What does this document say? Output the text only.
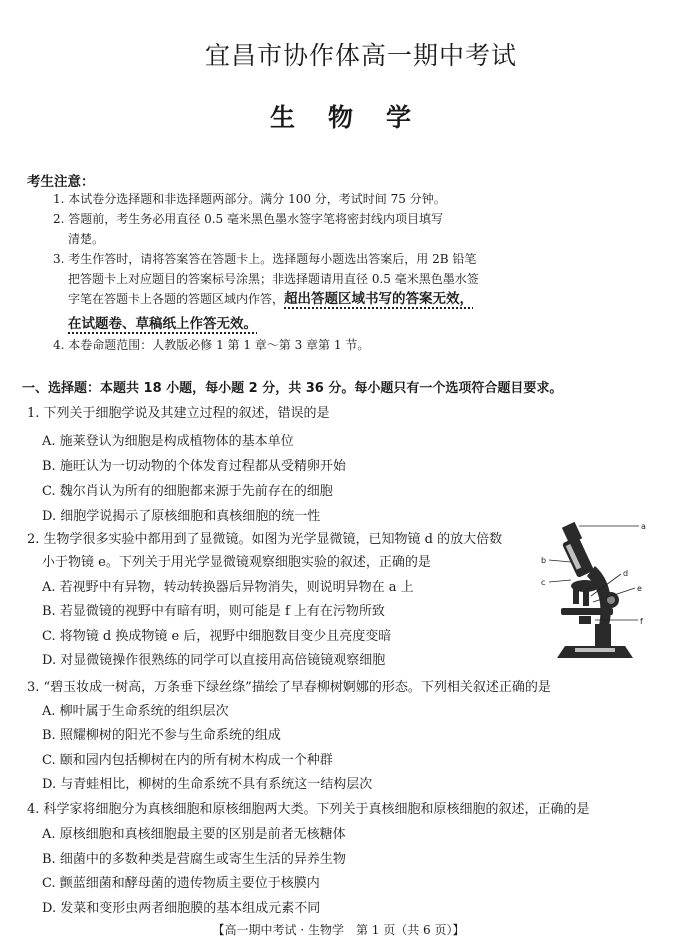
宜昌市协作体高一期中考试
生 物 学
考生注意：
1. 本试卷分选择题和非选择题两部分。满分 100 分，考试时间 75 分钟。
2. 答题前，考生务必用直径 0.5 毫米黑色墨水签字笔将密封线内项目填写
清楚。
3. 考生作答时，请将答案答在答题卡上。选择题每小题选出答案后，用 2B 铅笔
把答题卡上对应题目的答案标号涂黑；非选择题请用直径 0.5 毫米黑色墨水签
字笔在答题卡上各题的答题区域内作答，超出答题区域书写的答案无效，
在试题卷、草稿纸上作答无效。
4. 本卷命题范围：人教版必修 1 第 1 章～第 3 章第 1 节。
一、选择题：本题共 18 小题，每小题 2 分，共 36 分。每小题只有一个选项符合题目要求。
1. 下列关于细胞学说及其建立过程的叙述，错误的是
A. 施莱登认为细胞是构成植物体的基本单位
B. 施旺认为一切动物的个体发育过程都从受精卵开始
C. 魏尔肖认为所有的细胞都来源于先前存在的细胞
D. 细胞学说揭示了原核细胞和真核细胞的统一性
2. 生物学很多实验中都用到了显微镜。如图为光学显微镜，已知物镜 d 的放大倍数
小于物镜 e。下列关于用光学显微镜观察细胞实验的叙述，正确的是
A. 若视野中有异物，转动转换器后异物消失，则说明异物在 a 上
B. 若显微镜的视野中有暗有明，则可能是 f 上有在污物所致
C. 将物镜 d 换成物镜 e 后，视野中细胞数目变少且亮度变暗
D. 对显微镜操作很熟练的同学可以直接用高倍镜镜观察细胞
a
b
c
d
e
f
3. “碧玉妆成一树高，万条垂下绿丝绦”描绘了早春柳树婀娜的形态。下列相关叙述正确的是
A. 柳叶属于生命系统的组织层次
B. 照耀柳树的阳光不参与生命系统的组成
C. 颐和园内包括柳树在内的所有树木构成一个种群
D. 与青蛙相比，柳树的生命系统不具有系统这一结构层次
4. 科学家将细胞分为真核细胞和原核细胞两大类。下列关于真核细胞和原核细胞的叙述，正确的是
A. 原核细胞和真核细胞最主要的区别是前者无核糖体
B. 细菌中的多数种类是营腐生或寄生生活的异养生物
C. 颤蓝细菌和酵母菌的遗传物质主要位于核膜内
D. 发菜和变形虫两者细胞膜的基本组成元素不同
【高一期中考试 · 生物学　第 1 页（共 6 页）】
